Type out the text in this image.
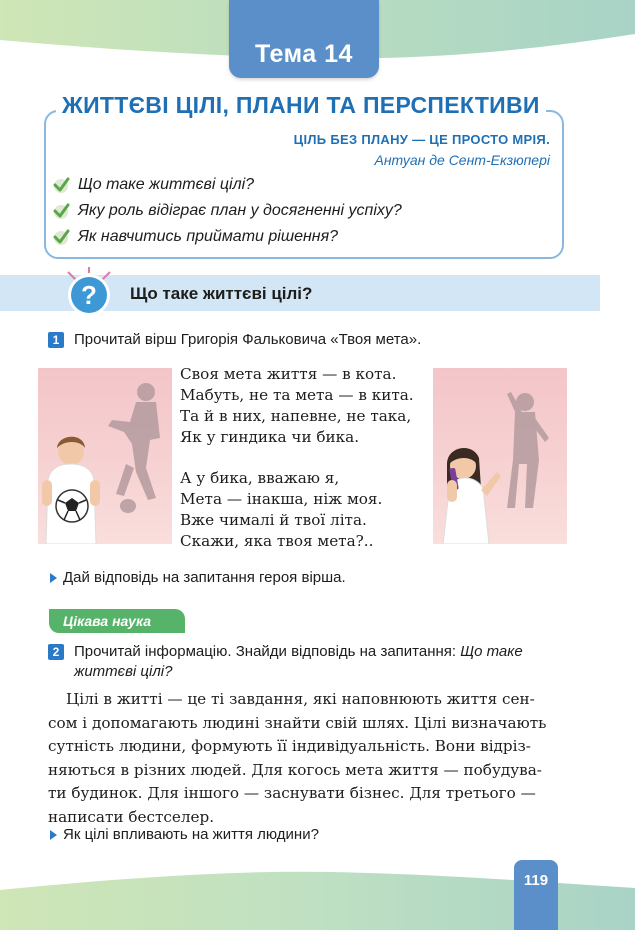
Тема 14
ЖИТТЄВІ ЦІЛІ, ПЛАНИ ТА ПЕРСПЕКТИВИ
ЦІЛЬ БЕЗ ПЛАНУ — ЦЕ ПРОСТО МРІЯ.
Антуан де Сент-Екзюпері
Що таке життєві цілі?
Яку роль відіграє план у досягненні успіху?
Як навчитись приймати рішення?
? Що таке життєві цілі?
1 Прочитай вірш Григорія Фальковича «Твоя мета».
Своя мета життя — в кота.
Мабуть, не та мета — в кита.
Та й в них, напевне, не така,
Як у гиндика чи бика.
А у бика, вважаю я,
Мета — інакша, ніж моя.
Вже чималі й твої літа.
Скажи, яка твоя мета?..
Дай відповідь на запитання героя вірша.
Цікава наука
2 Прочитай інформацію. Знайди відповідь на запитання: Що таке
життєві цілі?
Цілі в житті — це ті завдання, які наповнюють життя сен-
сом і допомагають людині знайти свій шлях. Цілі визначають
сутність людини, формують її індивідуальність. Вони відріз-
няються в різних людей. Для когось мета життя — побудува-
ти будинок. Для іншого — заснувати бізнес. Для третього —
написати бестселер.
Як цілі впливають на життя людини?
119
